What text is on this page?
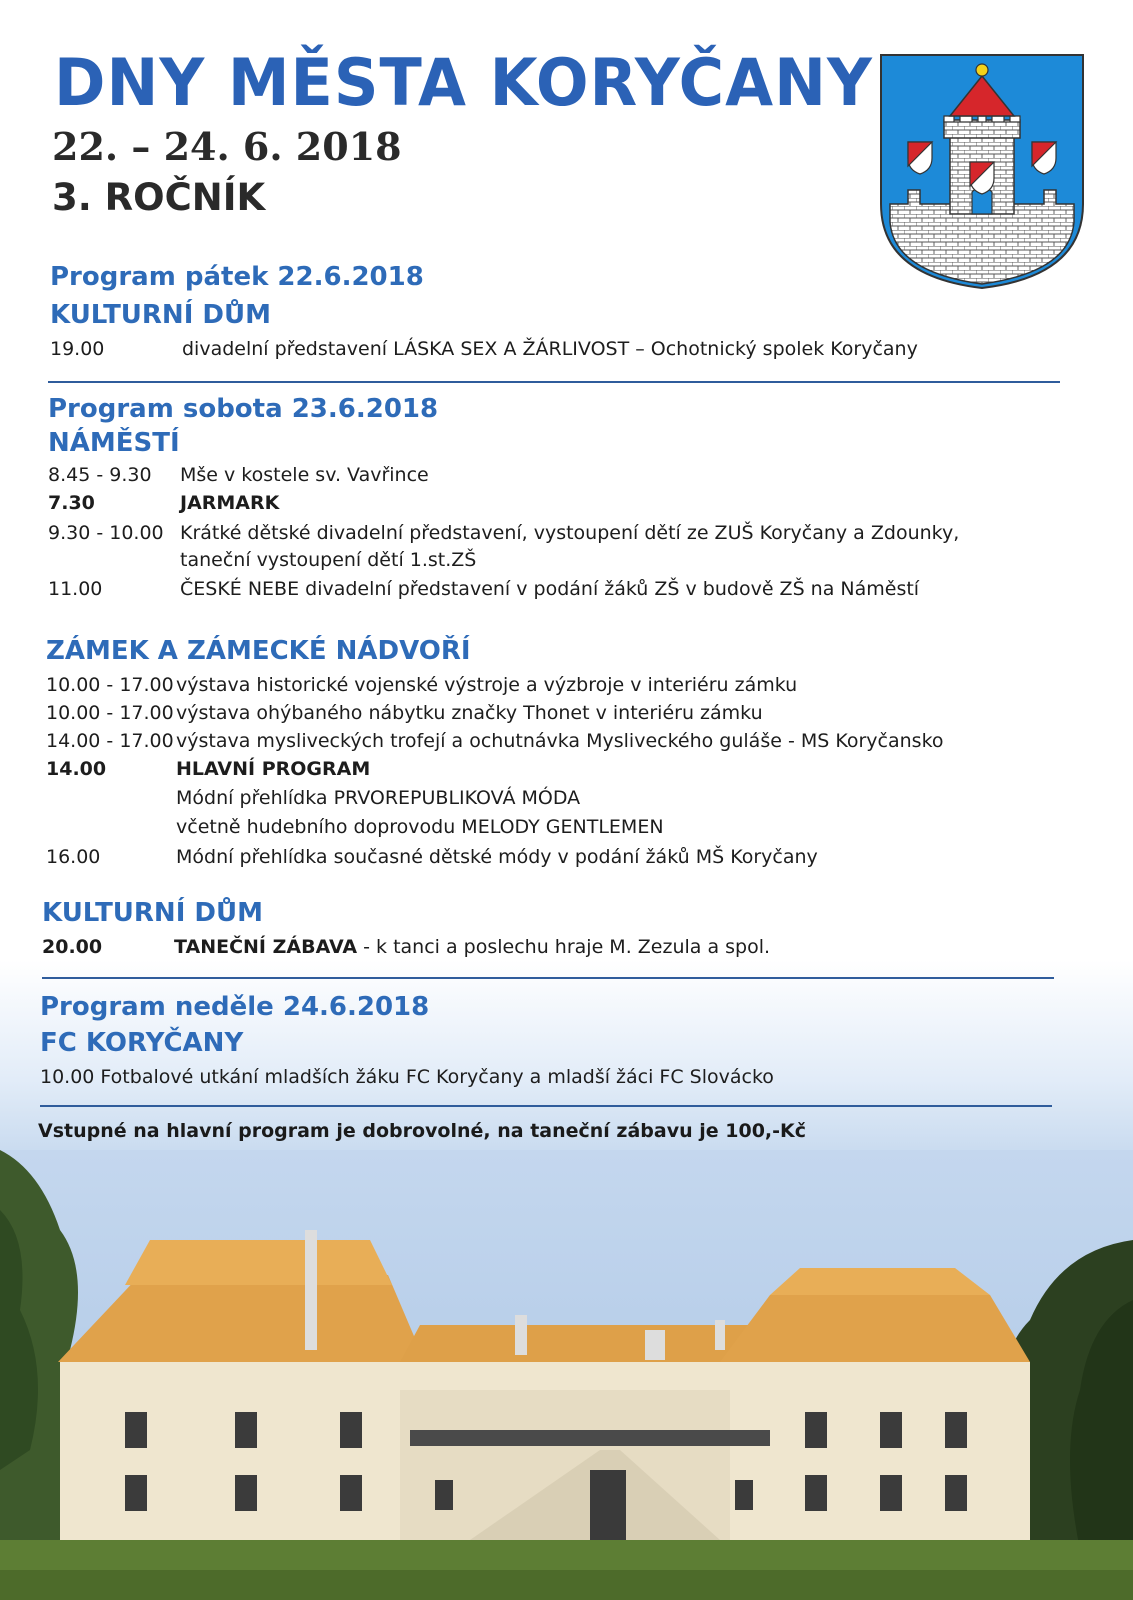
DNY MĚSTA KORYČANY
22. – 24. 6. 2018
3. ROČNÍK
Program pátek 22.6.2018
KULTURNÍ DŮM
19.00	divadelní představení LÁSKA SEX A ŽÁRLIVOST – Ochotnický spolek Koryčany
Program sobota 23.6.2018
NÁMĚSTÍ
8.45 - 9.30 Mše v kostele sv. Vavřince
7.30	JARMARK
9.30 - 10.00 Krátké dětské divadelní představení, vystoupení dětí ze ZUŠ Koryčany a Zdounky,
taneční vystoupení dětí 1.st.ZŠ
11.00	ČESKÉ NEBE divadelní představení v podání žáků ZŠ v budově ZŠ na Náměstí
ZÁMEK A ZÁMECKÉ NÁDVOŘÍ
10.00 - 17.00 výstava historické vojenské výstroje a výzbroje v interiéru zámku
10.00 - 17.00 výstava ohýbaného nábytku značky Thonet v interiéru zámku
14.00 - 17.00 výstava mysliveckých trofejí a ochutnávka Mysliveckého guláše - MS Koryčansko
14.00	HLAVNÍ PROGRAM
Módní přehlídka PRVOREPUBLIKOVÁ MÓDA
včetně hudebního doprovodu MELODY GENTLEMEN
16.00	Módní přehlídka současné dětské módy v podání žáků MŠ Koryčany
KULTURNÍ DŮM
20.00	TANEČNÍ ZÁBAVA - k tanci a poslechu hraje M. Zezula a spol.
Program neděle 24.6.2018
FC KORYČANY
10.00 Fotbalové utkání mladších žáku FC Koryčany a mladší žáci FC Slovácko
Vstupné na hlavní program je dobrovolné, na taneční zábavu je 100,-Kč
